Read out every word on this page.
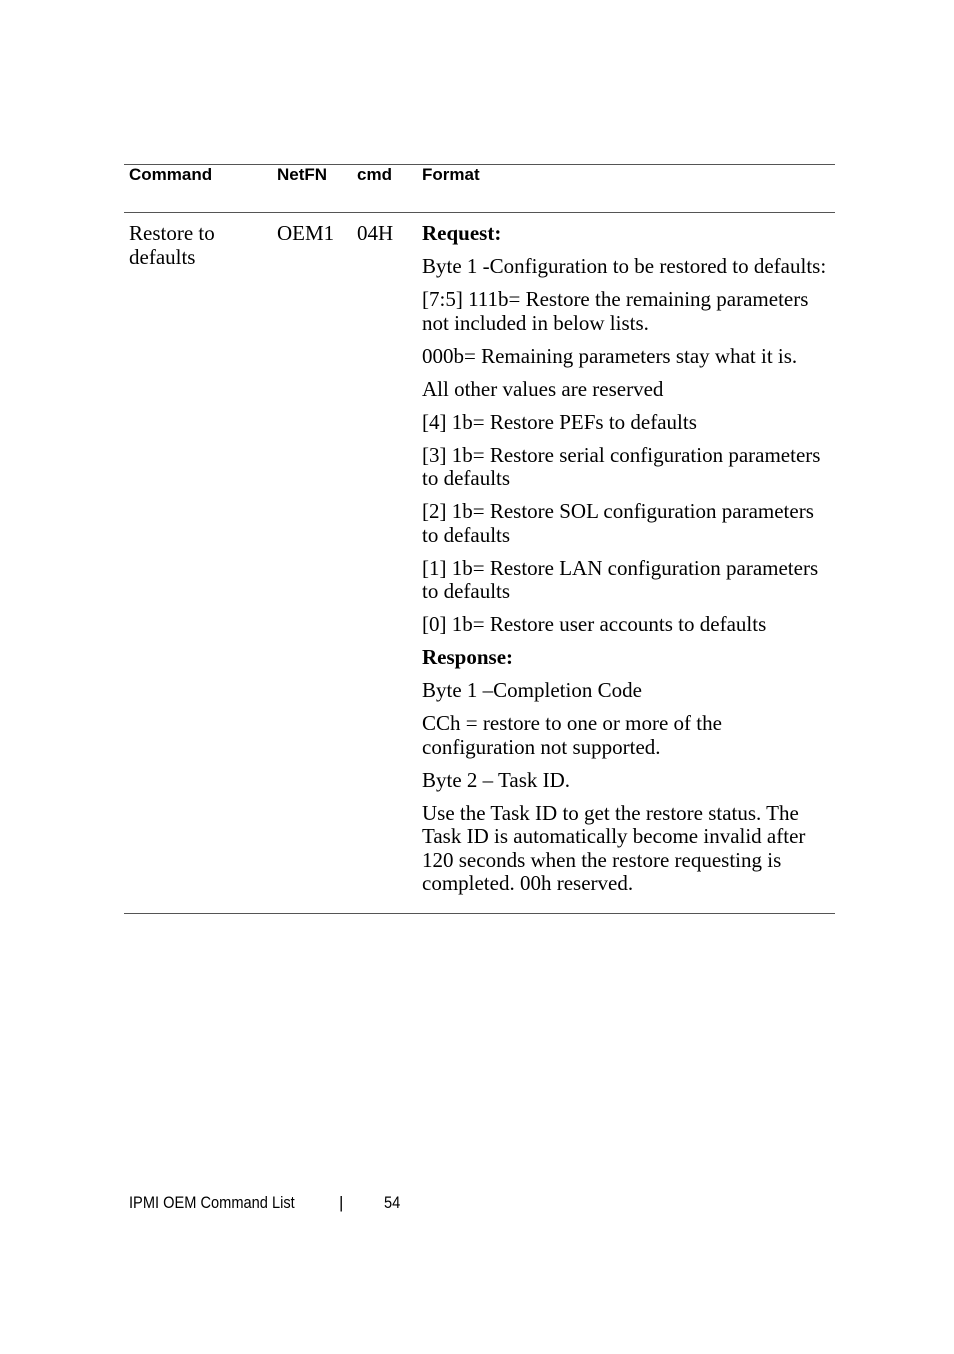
Command	NetFN cmd Format
Restore to defaults
OEM1 04H Request:

Byte 1 -Configuration to be restored to defaults:

[7:5] 111b= Restore the remaining parameters not included in below lists.

000b= Remaining parameters stay what it is.

All other values are reserved

[4] 1b= Restore PEFs to defaults

[3] 1b= Restore serial configuration parameters to defaults

[2] 1b= Restore SOL configuration parameters to defaults

[1] 1b= Restore LAN configuration parameters to defaults

[0] 1b= Restore user accounts to defaults

Response:

Byte 1 –Completion Code

CCh = restore to one or more of the configuration not supported.

Byte 2 – Task ID.

Use the Task ID to get the restore status. The Task ID is automatically become invalid after 120 seconds when the restore requesting is completed. 00h reserved.

IPMI OEM Command List	| 54
